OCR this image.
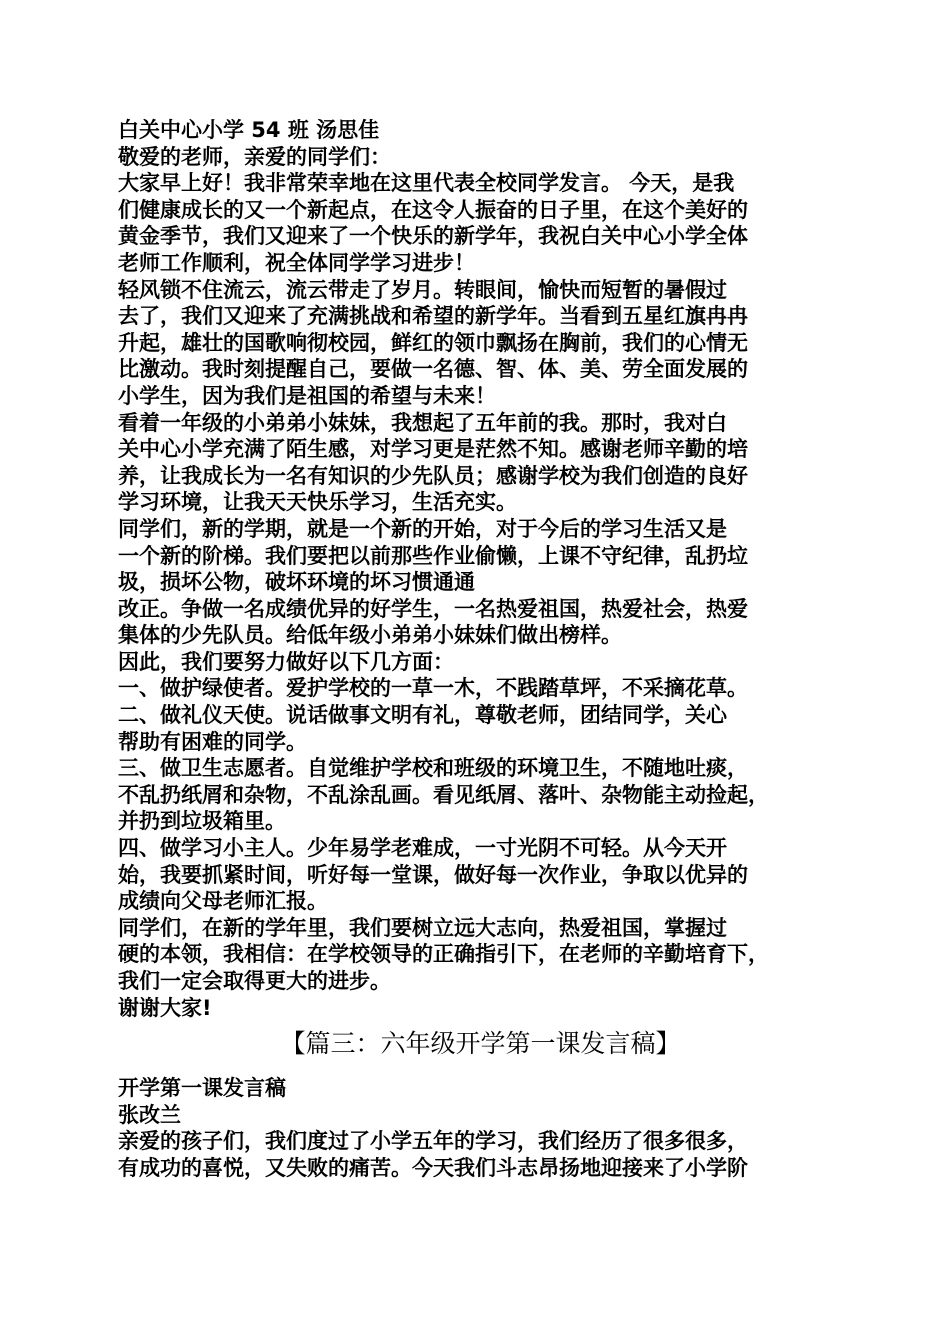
白关中心小学 54 班 汤思佳
敬爱的老师，亲爱的同学们：
大家早上好！我非常荣幸地在这里代表全校同学发言。 今天，是我
们健康成长的又一个新起点，在这令人振奋的日子里，在这个美好的
黄金季节，我们又迎来了一个快乐的新学年，我祝白关中心小学全体
老师工作顺利，祝全体同学学习进步！
轻风锁不住流云，流云带走了岁月。转眼间，愉快而短暂的暑假过
去了，我们又迎来了充满挑战和希望的新学年。当看到五星红旗冉冉
升起，雄壮的国歌响彻校园，鲜红的领巾飘扬在胸前，我们的心情无
比激动。我时刻提醒自己，要做一名德、智、体、美、劳全面发展的
小学生，因为我们是祖国的希望与未来！
看着一年级的小弟弟小妹妹，我想起了五年前的我。那时，我对白
关中心小学充满了陌生感，对学习更是茫然不知。感谢老师辛勤的培
养，让我成长为一名有知识的少先队员；感谢学校为我们创造的良好
学习环境，让我天天快乐学习，生活充实。
同学们，新的学期，就是一个新的开始，对于今后的学习生活又是
一个新的阶梯。我们要把以前那些作业偷懒，上课不守纪律，乱扔垃
圾，损坏公物，破坏环境的坏习惯通通
改正。争做一名成绩优异的好学生，一名热爱祖国，热爱社会，热爱
集体的少先队员。给低年级小弟弟小妹妹们做出榜样。
因此，我们要努力做好以下几方面：
一、做护绿使者。爱护学校的一草一木，不践踏草坪，不采摘花草。
二、做礼仪天使。说话做事文明有礼，尊敬老师，团结同学，关心
帮助有困难的同学。
三、做卫生志愿者。自觉维护学校和班级的环境卫生，不随地吐痰，
不乱扔纸屑和杂物，不乱涂乱画。看见纸屑、落叶、杂物能主动捡起，
并扔到垃圾箱里。
四、做学习小主人。少年易学老难成，一寸光阴不可轻。从今天开
始，我要抓紧时间，听好每一堂课，做好每一次作业，争取以优异的
成绩向父母老师汇报。
同学们，在新的学年里，我们要树立远大志向，热爱祖国，掌握过
硬的本领，我相信：在学校领导的正确指引下，在老师的辛勤培育下，
我们一定会取得更大的进步。
谢谢大家!
【篇三：六年级开学第一课发言稿】
开学第一课发言稿
张改兰
亲爱的孩子们，我们度过了小学五年的学习，我们经历了很多很多，
有成功的喜悦，又失败的痛苦。今天我们斗志昂扬地迎接来了小学阶
